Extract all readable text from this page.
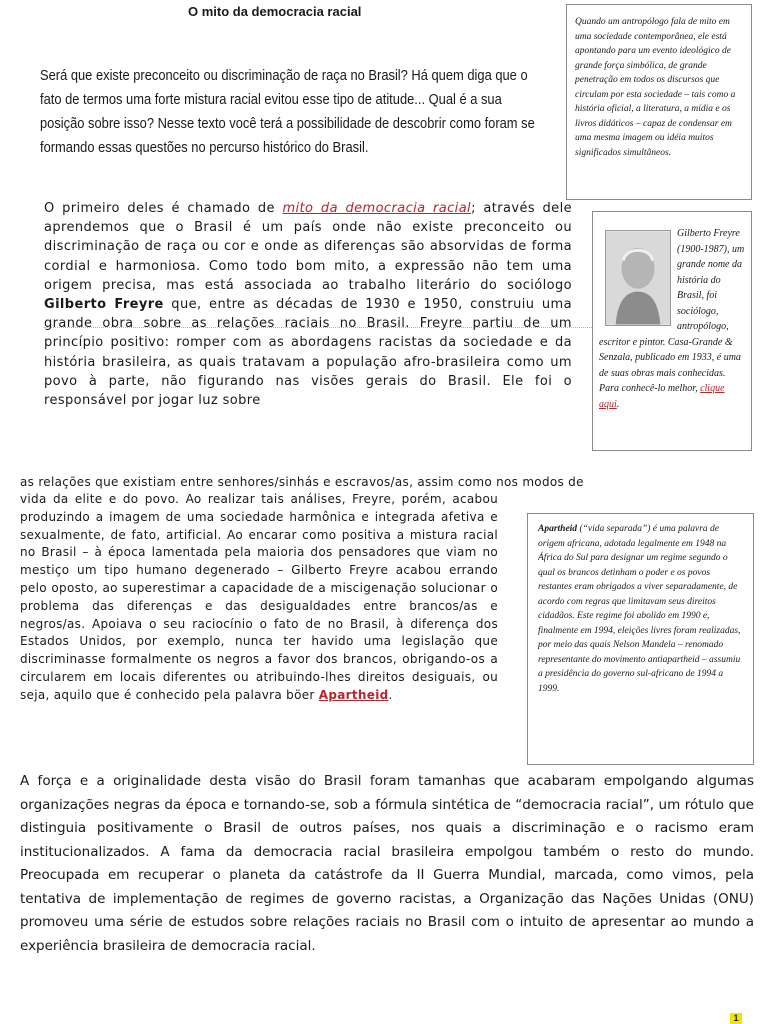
O mito da democracia racial

Será que existe preconceito ou discriminação de raça no Brasil? Há quem diga que o fato de termos uma forte mistura racial evitou esse tipo de atitude... Qual é a sua posição sobre isso? Nesse texto você terá a possibilidade de descobrir como foram se formando essas questões no percurso histórico do Brasil.

Quando um antropólogo fala de mito em uma sociedade contemporânea, ele está apontando para um evento ideológico de grande força simbólica, de grande penetração em todos os discursos que circulam por esta sociedade – tais como a história oficial, a literatura, a mídia e os livros didáticos – capaz de condensar em uma mesma imagem ou idéia muitos significados simultâneos.
Gilberto Freyre (1900-1987), um grande nome da história do Brasil, foi sociólogo, antropólogo, escritor e pintor. Casa-Grande & Senzala, publicado em 1933, é uma de suas obras mais conhecidas. Para conhecê-lo melhor, clique aqui.

O primeiro deles é chamado de mito da democracia racial; através dele aprendemos que o Brasil é um país onde não existe preconceito ou discriminação de raça ou cor e onde as diferenças são absorvidas de forma cordial e harmoniosa. Como todo bom mito, a expressão não tem uma origem precisa, mas está associada ao trabalho literário do sociólogo Gilberto Freyre que, entre as décadas de 1930 e 1950, construiu uma grande obra sobre as relações raciais no Brasil. Freyre partiu de um princípio positivo: romper com as abordagens racistas da sociedade e da história brasileira, as quais tratavam a população afro-brasileira como um povo à parte, não figurando nas visões gerais do Brasil. Ele foi o responsável por jogar luz sobre

as relações que existiam entre senhores/sinhás e escravos/as, assim como nos modos de

vida da elite e do povo. Ao realizar tais análises, Freyre, porém, acabou produzindo a imagem de uma sociedade harmônica e integrada afetiva e sexualmente, de fato, artificial. Ao encarar como positiva a mistura racial no Brasil – à época lamentada pela maioria dos pensadores que viam no mestiço um tipo humano degenerado – Gilberto Freyre acabou errando pelo oposto, ao superestimar a capacidade de a miscigenação solucionar o problema das diferenças e das desigualdades entre brancos/as e negros/as. Apoiava o seu raciocínio o fato de no Brasil, à diferença dos Estados Unidos, por exemplo, nunca ter havido uma legislação que discriminasse formalmente os negros a favor dos brancos, obrigando-os a circularem em locais diferentes ou atribuindo-lhes direitos desiguais, ou seja, aquilo que é conhecido pela palavra böer Apartheid.

Apartheid (“vida separada”) é uma palavra de origem africana, adotada legalmente em 1948 na África do Sul para designar um regime segundo o qual os brancos detinham o poder e os povos restantes eram obrigados a viver separadamente, de acordo com regras que limitavam seus direitos cidadãos. Este regime foi abolido em 1990 e, finalmente em 1994, eleições livres foram realizadas, por meio das quais Nelson Mandela – renomado representante do movimento antiapartheid – assumiu a presidência do governo sul-africano de 1994 a 1999.

A força e a originalidade desta visão do Brasil foram tamanhas que acabaram empolgando algumas organizações negras da época e tornando-se, sob a fórmula sintética de “democracia racial”, um rótulo que distinguia positivamente o Brasil de outros países, nos quais a discriminação e o racismo eram institucionalizados. A fama da democracia racial brasileira empolgou também o resto do mundo. Preocupada em recuperar o planeta da catástrofe da II Guerra Mundial, marcada, como vimos, pela tentativa de implementação de regimes de governo racistas, a Organização das Nações Unidas (ONU) promoveu uma série de estudos sobre relações raciais no Brasil com o intuito de apresentar ao mundo a experiência brasileira de democracia racial.

1
